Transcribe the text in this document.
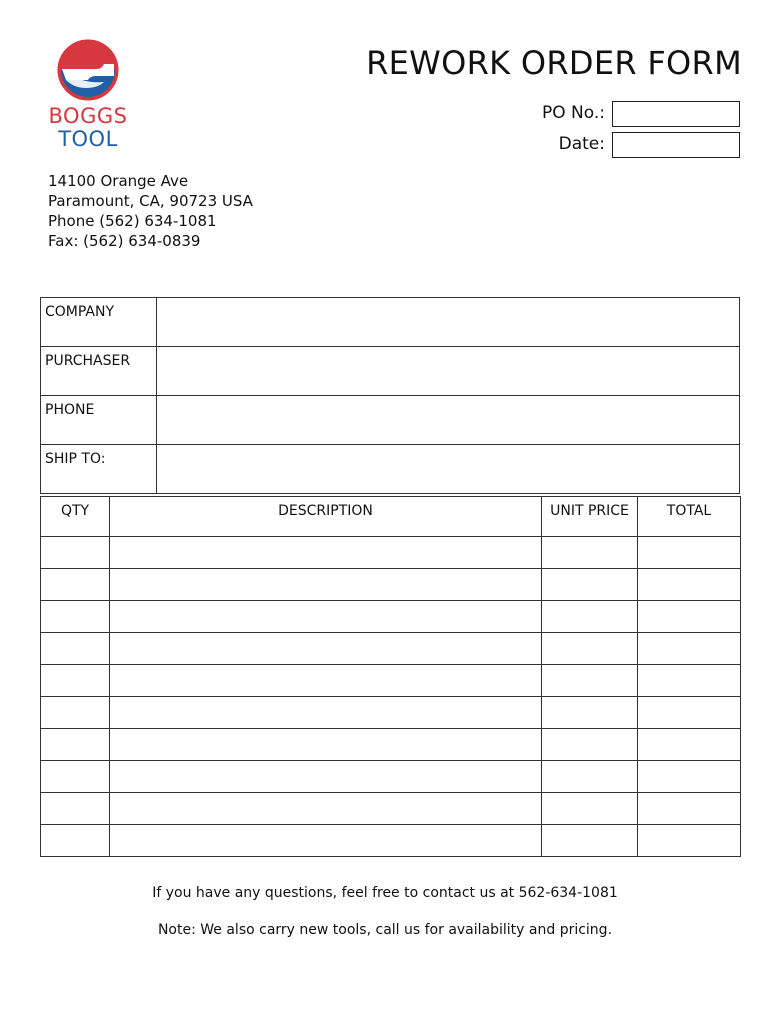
BOGGS
TOOL
REWORK ORDER FORM
PO No.:
Date:
14100 Orange Ave
Paramount, CA, 90723 USA
Phone (562) 634-1081
Fax: (562) 634-0839
COMPANY	
PURCHASER	
PHONE	
SHIP TO:	
QTY	DESCRIPTION	UNIT PRICE	TOTAL

If you have any questions, feel free to contact us at 562-634-1081
Note: We also carry new tools, call us for availability and pricing.
